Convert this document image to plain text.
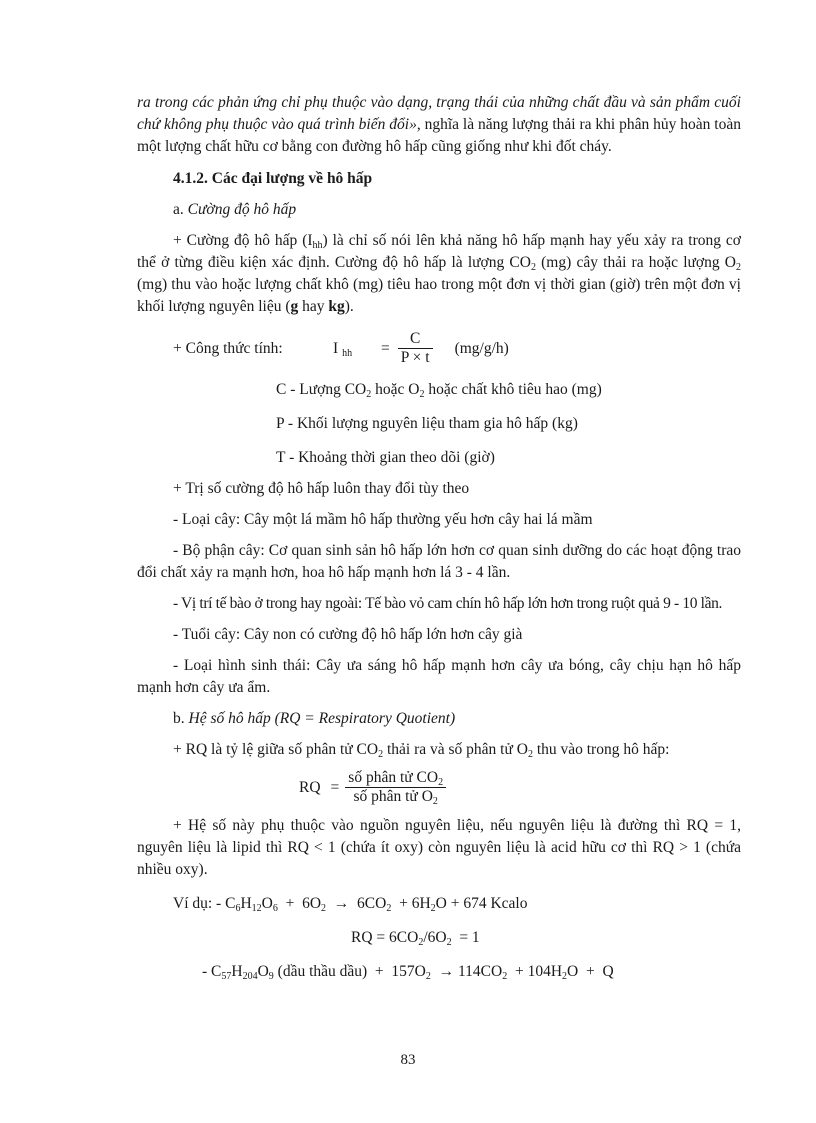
ra trong các phản ứng chỉ phụ thuộc vào dạng, trạng thái của những chất đầu và sản phẩm cuối chứ không phụ thuộc vào quá trình biến đổi», nghĩa là năng lượng thải ra khi phân hủy hoàn toàn một lượng chất hữu cơ bằng con đường hô hấp cũng giống như khi đốt cháy.

4.1.2. Các đại lượng về hô hấp

a. Cường độ hô hấp

+ Cường độ hô hấp $(I_{hh})$ là chỉ số nói lên khả năng hô hấp mạnh hay yếu xảy ra trong cơ thể ở từng điều kiện xác định. Cường độ hô hấp là lượng $CO_2$ (mg) cây thải ra hoặc lượng $O_2$ (mg) thu vào hoặc lượng chất khô (mg) tiêu hao trong một đơn vị thời gian (giờ) trên một đơn vị khối lượng nguyên liệu (g hay kg).

+ Công thức tính:	I $_{hh}$	= $\frac{C}{P \times t} (mg/g/h)$

C - Lượng $CO_2$ hoặc $O_2$ hoặc chất khô tiêu hao (mg)

P - Khối lượng nguyên liệu tham gia hô hấp (kg)

T - Khoảng thời gian theo dõi (giờ)

+ Trị số cường độ hô hấp luôn thay đổi tùy theo

- Loại cây: Cây một lá mầm hô hấp thường yếu hơn cây hai lá mầm

- Bộ phận cây: Cơ quan sinh sản hô hấp lớn hơn cơ quan sinh dưỡng do các hoạt động trao đổi chất xảy ra mạnh hơn, hoa hô hấp mạnh hơn lá 3 - 4 lần.

- Vị trí tế bào ở trong hay ngoài: Tế bào vỏ cam chín hô hấp lớn hơn trong ruột quả 9 - 10 lần.

- Tuổi cây: Cây non có cường độ hô hấp lớn hơn cây già

- Loại hình sinh thái: Cây ưa sáng hô hấp mạnh hơn cây ưa bóng, cây chịu hạn hô hấp mạnh hơn cây ưa ẩm.

b. Hệ số hô hấp (RQ = Respiratory Quotient)

+ RQ là tỷ lệ giữa số phân tử $CO_2$ thải ra và số phân tử $O_2$ thu vào trong hô hấp:

RQ = $\frac{số phân tử CO_2}{số phân tử O_2}$

+ Hệ số này phụ thuộc vào nguồn nguyên liệu, nếu nguyên liệu là đường thì RQ = 1, nguyên liệu là lipid thì RQ < 1 (chứa ít oxy) còn nguyên liệu là acid hữu cơ thì RQ > 1 (chứa nhiều oxy).

Ví dụ: - $C_6H_{12}O_6 + 6O_2 \to 6CO_2 + 6H_2O + 674$ Kcalo

RQ = $6CO_2/6O_2 = 1$

- $C_{57}H_{204}O_9$ (dầu thầu dầu)  +  $157O_2 \to 114CO_2 + 104H_2O + Q$

83
